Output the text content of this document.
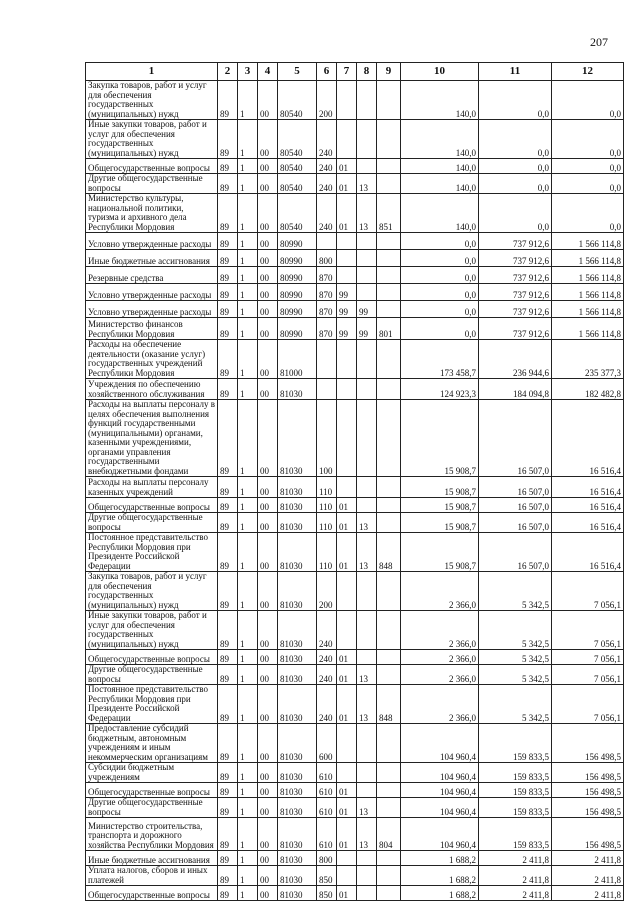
207
1	2	3	4	5	6	7	8	9	10	11	12
Закупка товаров, работ и услуг для обеспечения государственных (муниципальных) нужд	89	1	00	80540	200				140,0	0,0	0,0
Иные закупки товаров, работ и услуг для обеспечения государственных (муниципальных) нужд	89	1	00	80540	240				140,0	0,0	0,0
Общегосударственные вопросы	89	1	00	80540	240	01			140,0	0,0	0,0
Другие общегосударственные вопросы	89	1	00	80540	240	01	13		140,0	0,0	0,0
Министерство культуры, национальной политики, туризма и архивного дела Республики Мордовия	89	1	00	80540	240	01	13	851	140,0	0,0	0,0
Условно утвержденные расходы	89	1	00	80990					0,0	737 912,6	1 566 114,8
Иные бюджетные ассигнования	89	1	00	80990	800				0,0	737 912,6	1 566 114,8
Резервные средства	89	1	00	80990	870				0,0	737 912,6	1 566 114,8
Условно утвержденные расходы	89	1	00	80990	870	99			0,0	737 912,6	1 566 114,8
Условно утвержденные расходы	89	1	00	80990	870	99	99		0,0	737 912,6	1 566 114,8
Министерство финансов Республики Мордовия	89	1	00	80990	870	99	99	801	0,0	737 912,6	1 566 114,8
Расходы на обеспечение деятельности (оказание услуг) государственных учреждений Республики Мордовия	89	1	00	81000					173 458,7	236 944,6	235 377,3
Учреждения по обеспечению хозяйственного обслуживания	89	1	00	81030					124 923,3	184 094,8	182 482,8
Расходы на выплаты персоналу в целях обеспечения выполнения функций государственными (муниципальными) органами, казенными учреждениями, органами управления государственными внебюджетными фондами	89	1	00	81030	100				15 908,7	16 507,0	16 516,4
Расходы на выплаты персоналу казенных учреждений	89	1	00	81030	110				15 908,7	16 507,0	16 516,4
Общегосударственные вопросы	89	1	00	81030	110	01			15 908,7	16 507,0	16 516,4
Другие общегосударственные вопросы	89	1	00	81030	110	01	13		15 908,7	16 507,0	16 516,4
Постоянное представительство Республики Мордовия при Президенте Российской Федерации	89	1	00	81030	110	01	13	848	15 908,7	16 507,0	16 516,4
Закупка товаров, работ и услуг для обеспечения государственных (муниципальных) нужд	89	1	00	81030	200				2 366,0	5 342,5	7 056,1
Иные закупки товаров, работ и услуг для обеспечения государственных (муниципальных) нужд	89	1	00	81030	240				2 366,0	5 342,5	7 056,1
Общегосударственные вопросы	89	1	00	81030	240	01			2 366,0	5 342,5	7 056,1
Другие общегосударственные вопросы	89	1	00	81030	240	01	13		2 366,0	5 342,5	7 056,1
Постоянное представительство Республики Мордовия при Президенте Российской Федерации	89	1	00	81030	240	01	13	848	2 366,0	5 342,5	7 056,1
Предоставление субсидий бюджетным, автономным учреждениям и иным некоммерческим организациям	89	1	00	81030	600				104 960,4	159 833,5	156 498,5
Субсидии бюджетным учреждениям	89	1	00	81030	610				104 960,4	159 833,5	156 498,5
Общегосударственные вопросы	89	1	00	81030	610	01			104 960,4	159 833,5	156 498,5
Другие общегосударственные вопросы	89	1	00	81030	610	01	13		104 960,4	159 833,5	156 498,5
Министерство строительства, транспорта и дорожного хозяйства Республики Мордовия	89	1	00	81030	610	01	13	804	104 960,4	159 833,5	156 498,5
Иные бюджетные ассигнования	89	1	00	81030	800				1 688,2	2 411,8	2 411,8
Уплата налогов, сборов и иных платежей	89	1	00	81030	850				1 688,2	2 411,8	2 411,8
Общегосударственные вопросы	89	1	00	81030	850	01			1 688,2	2 411,8	2 411,8
